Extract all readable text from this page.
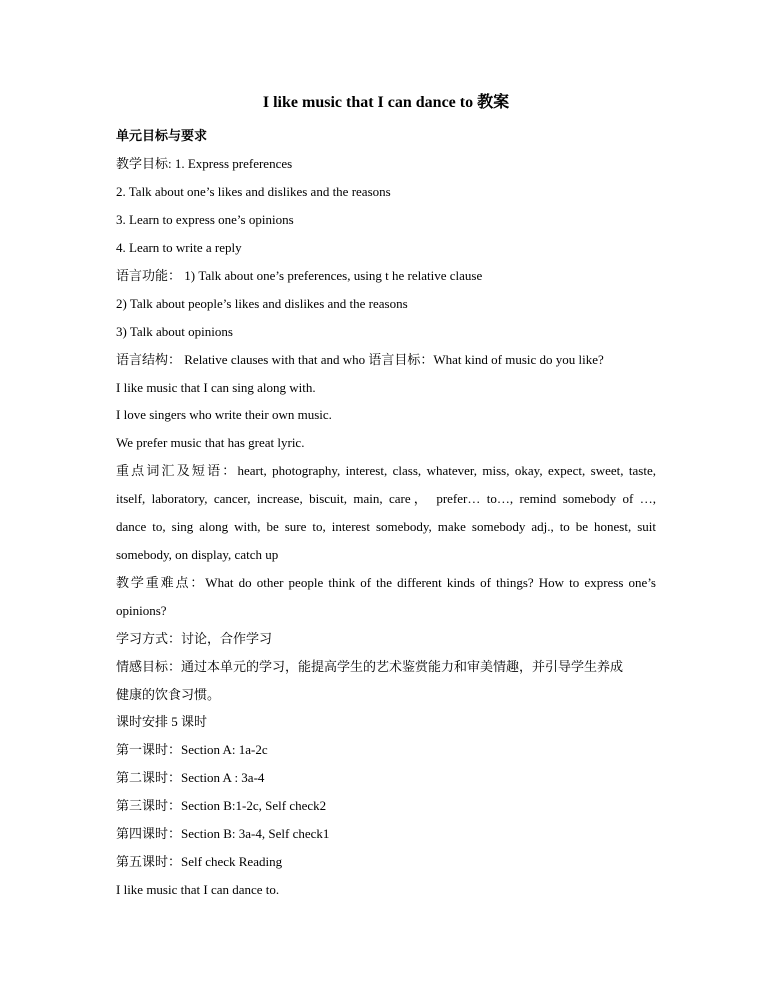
I like music that I can dance to 教案
单元目标与要求
教学目标: 1. Express preferences
2. Talk about one’s likes and dislikes and the reasons
3. Learn to express one’s opinions
4. Learn to write a reply
语言功能： 1) Talk about one’s preferences, using t he relative clause
2) Talk about people’s likes and dislikes and the reasons
3) Talk about opinions
语言结构： Relative clauses with that and who 语言目标：What kind of music do you like?
I like music that I can sing along with.
I love singers who write their own music.
We prefer music that has great lyric.
重点词汇及短语：heart, photography, interest, class, whatever, miss, okay, expect, sweet, taste,
itself, laboratory, cancer, increase, biscuit, main, care， prefer… to…, remind somebody of …,
dance to, sing along with, be sure to, interest somebody, make somebody adj., to be honest, suit
somebody, on display, catch up
教学重难点：What do other people think of the different kinds of things? How to express one’s
opinions?
学习方式：讨论，合作学习
情感目标：通过本单元的学习，能提高学生的艺术鉴赏能力和审美情趣，并引导学生养成
健康的饮食习惯。
课时安排 5 课时
第一课时：Section A: 1a-2c
第二课时：Section A : 3a-4
第三课时：Section B:1-2c, Self check2
第四课时：Section B: 3a-4, Self check1
第五课时：Self check Reading
I like music that I can dance to.
